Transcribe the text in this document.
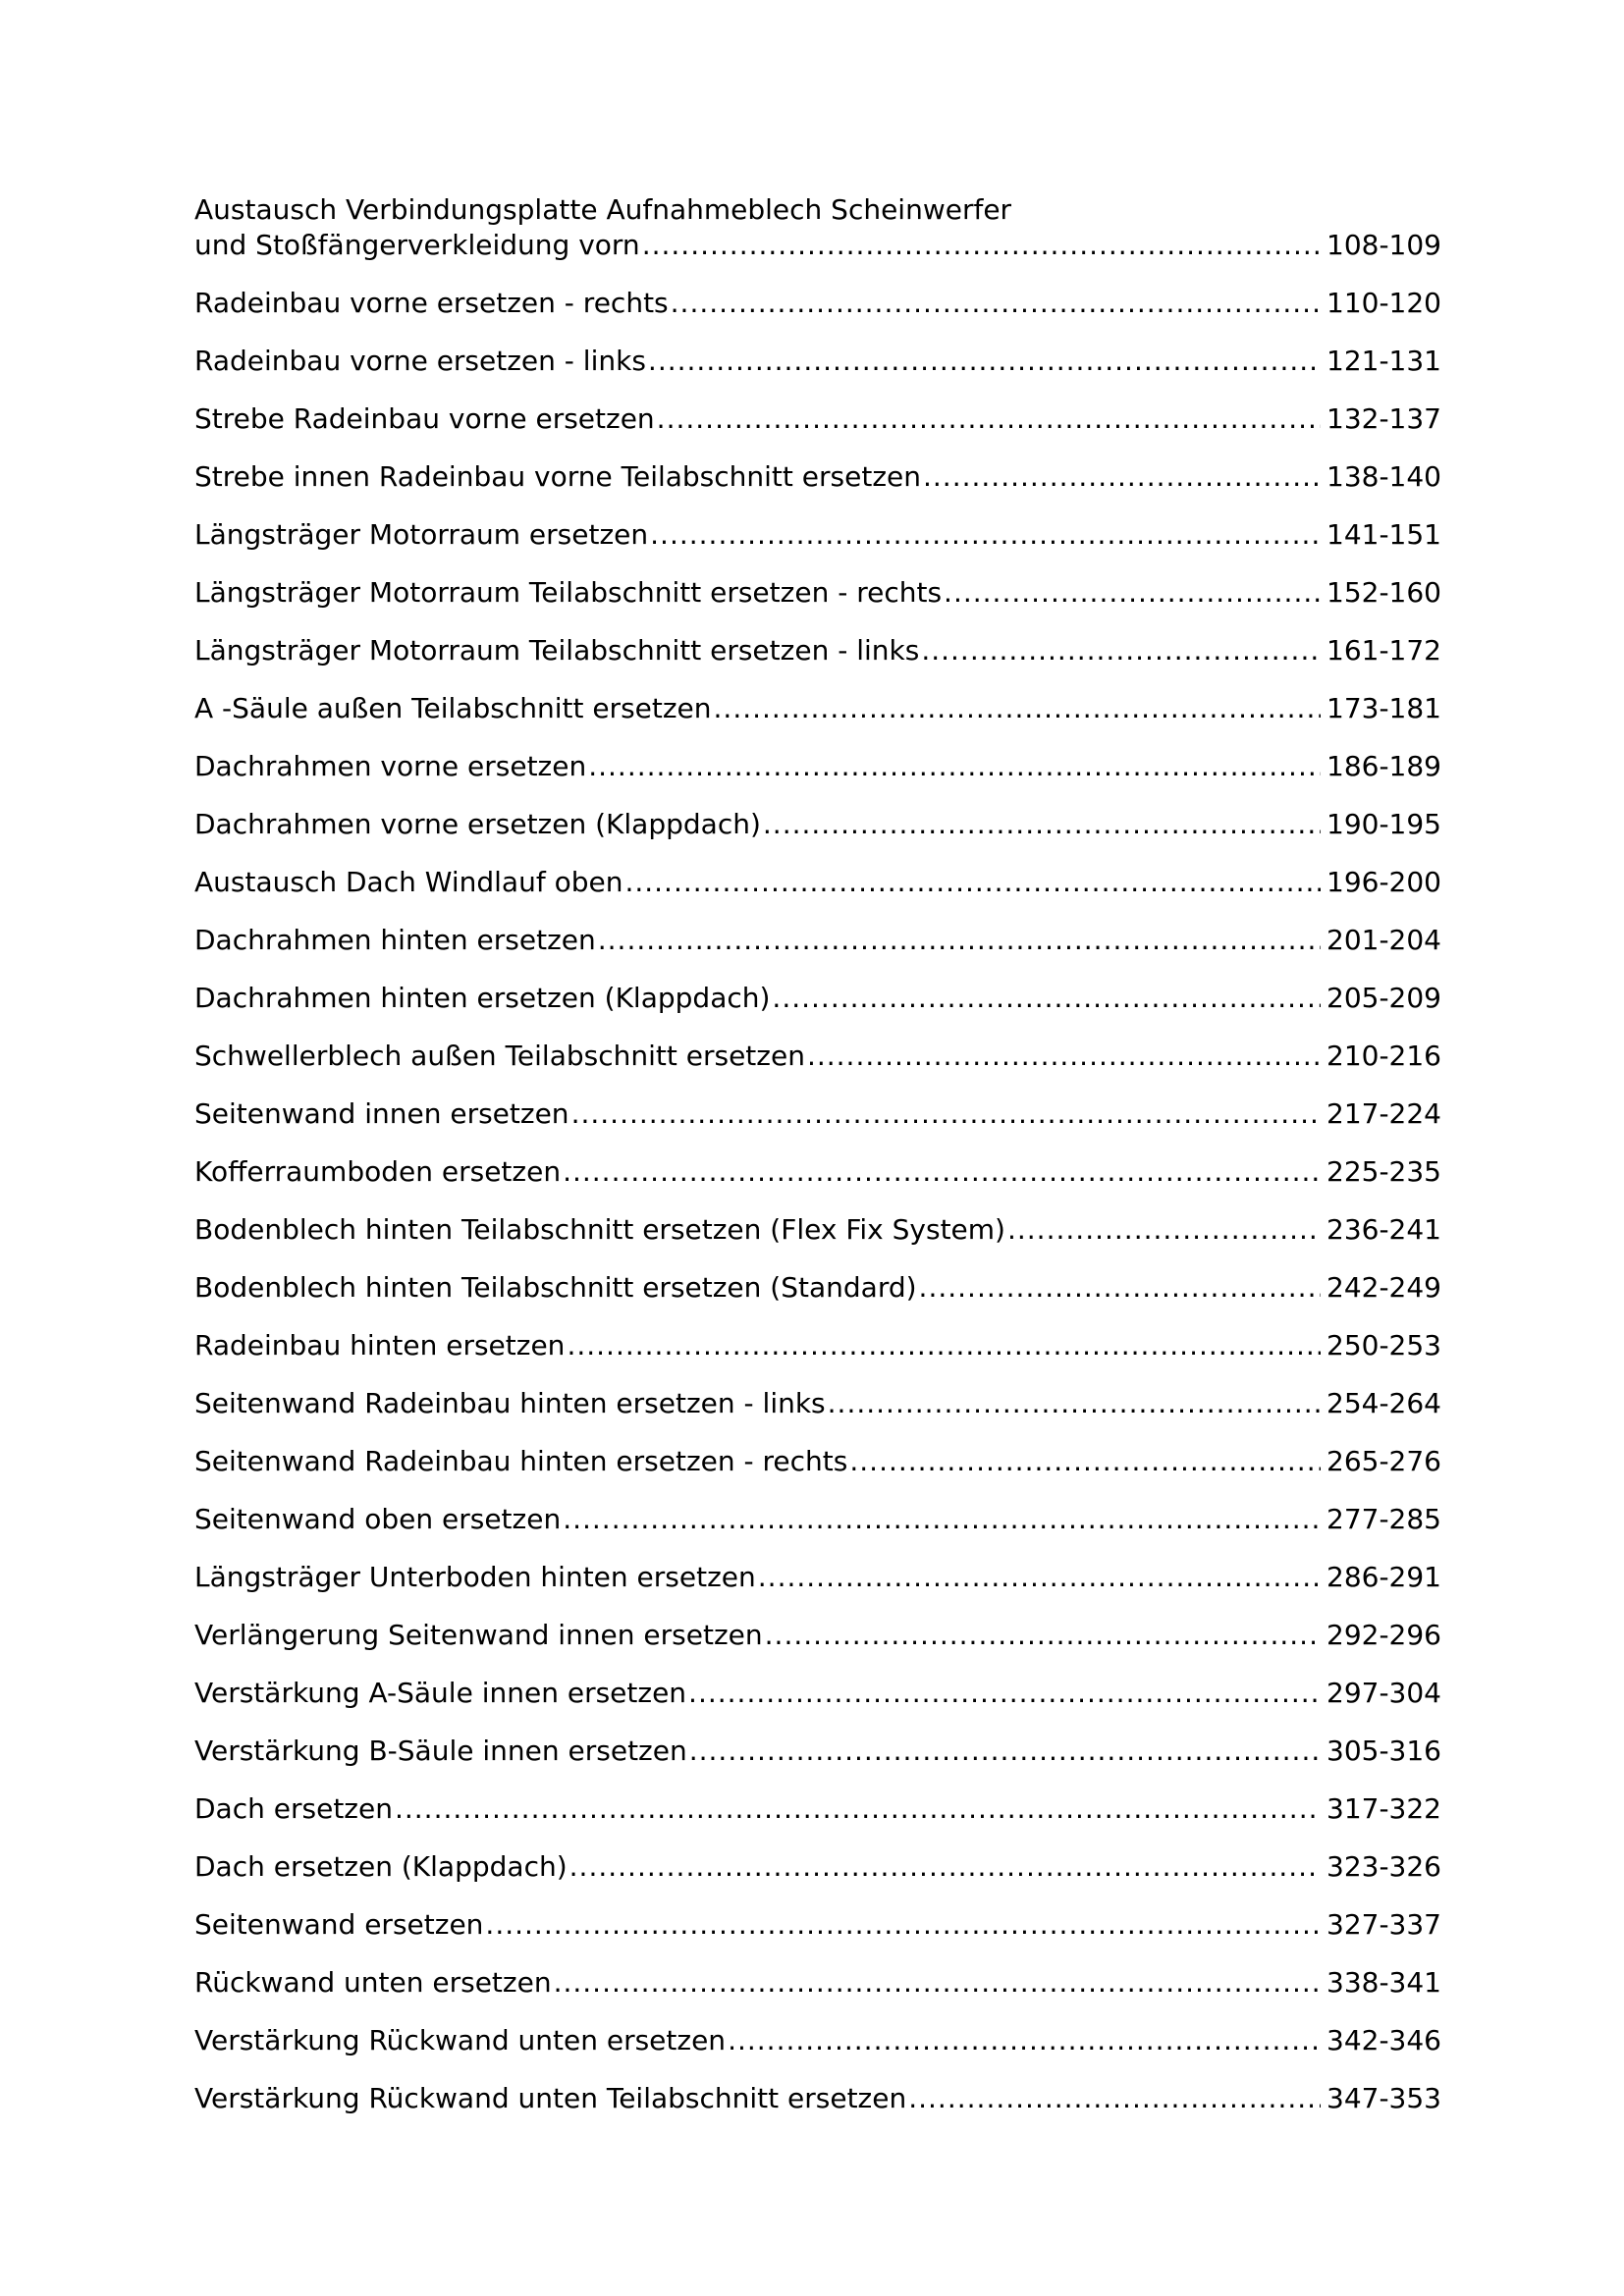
Austausch Verbindungsplatte Aufnahmeblech Scheinwerfer
und Stoßfängerverkleidung vorn .....	108-109
Radeinbau vorne ersetzen - rechts .....	110-120
Radeinbau vorne ersetzen - links .....	121-131
Strebe Radeinbau vorne ersetzen .....	132-137
Strebe innen Radeinbau vorne Teilabschnitt ersetzen .....	138-140
Längsträger Motorraum ersetzen .....	141-151
Längsträger Motorraum Teilabschnitt ersetzen - rechts .....	152-160
Längsträger Motorraum Teilabschnitt ersetzen - links .....	161-172
A -Säule außen Teilabschnitt ersetzen .....	173-181
Dachrahmen vorne ersetzen .....	186-189
Dachrahmen vorne ersetzen (Klappdach) .....	190-195
Austausch Dach Windlauf oben .....	196-200
Dachrahmen hinten ersetzen .....	201-204
Dachrahmen hinten ersetzen (Klappdach) .....	205-209
Schwellerblech außen Teilabschnitt ersetzen .....	210-216
Seitenwand innen ersetzen .....	217-224
Kofferraumboden ersetzen .....	225-235
Bodenblech hinten Teilabschnitt ersetzen (Flex Fix System) .....	236-241
Bodenblech hinten Teilabschnitt ersetzen (Standard) .....	242-249
Radeinbau hinten ersetzen .....	250-253
Seitenwand Radeinbau hinten ersetzen - links .....	254-264
Seitenwand Radeinbau hinten ersetzen - rechts .....	265-276
Seitenwand oben ersetzen .....	277-285
Längsträger Unterboden hinten ersetzen .....	286-291
Verlängerung Seitenwand innen ersetzen .....	292-296
Verstärkung A-Säule innen ersetzen .....	297-304
Verstärkung B-Säule innen ersetzen .....	305-316
Dach ersetzen .....	317-322
Dach ersetzen (Klappdach) .....	323-326
Seitenwand ersetzen .....	327-337
Rückwand unten ersetzen .....	338-341
Verstärkung Rückwand unten ersetzen .....	342-346
Verstärkung Rückwand unten Teilabschnitt ersetzen .....	347-353
